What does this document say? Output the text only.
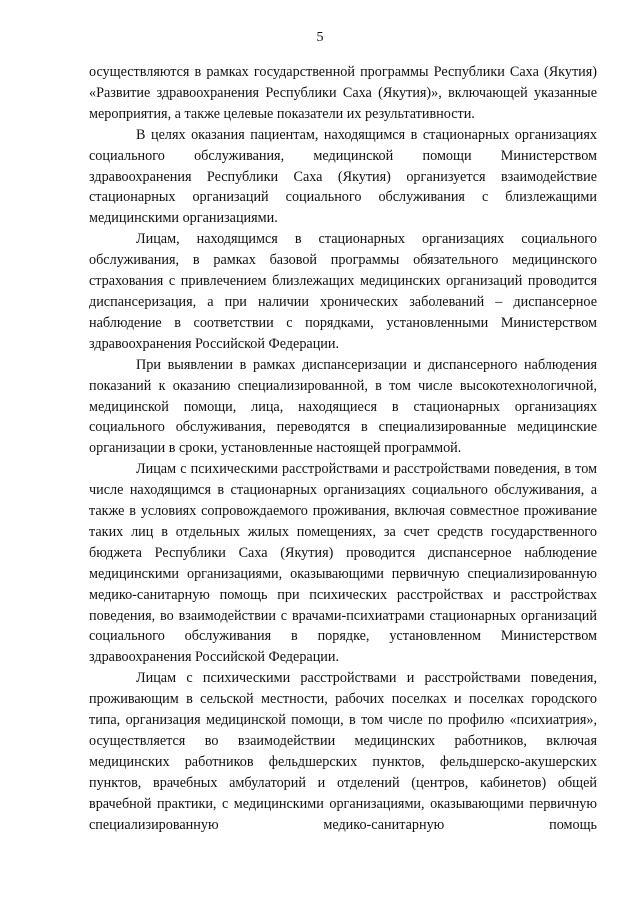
5

осуществляются в рамках государственной программы Республики Саха (Якутия) «Развитие здравоохранения Республики Саха (Якутия)», включающей указанные мероприятия, а также целевые показатели их результативности.

В целях оказания пациентам, находящимся в стационарных организациях социального обслуживания, медицинской помощи Министерством здравоохранения Республики Саха (Якутия) организуется взаимодействие стационарных организаций социального обслуживания с близлежащими медицинскими организациями.

Лицам, находящимся в стационарных организациях социального обслуживания, в рамках базовой программы обязательного медицинского страхования с привлечением близлежащих медицинских организаций проводится диспансеризация, а при наличии хронических заболеваний – диспансерное наблюдение в соответствии с порядками, установленными Министерством здравоохранения Российской Федерации.

При выявлении в рамках диспансеризации и диспансерного наблюдения показаний к оказанию специализированной, в том числе высокотехнологичной, медицинской помощи, лица, находящиеся в стационарных организациях социального обслуживания, переводятся в специализированные медицинские организации в сроки, установленные настоящей программой.

Лицам с психическими расстройствами и расстройствами поведения, в том числе находящимся в стационарных организациях социального обслуживания, а также в условиях сопровождаемого проживания, включая совместное проживание таких лиц в отдельных жилых помещениях, за счет средств государственного бюджета Республики Саха (Якутия) проводится диспансерное наблюдение медицинскими организациями, оказывающими первичную специализированную медико-санитарную помощь при психических расстройствах и расстройствах поведения, во взаимодействии с врачами-психиатрами стационарных организаций социального обслуживания в порядке, установленном Министерством здравоохранения Российской Федерации.

Лицам с психическими расстройствами и расстройствами поведения, проживающим в сельской местности, рабочих поселках и поселках городского типа, организация медицинской помощи, в том числе по профилю «психиатрия», осуществляется во взаимодействии медицинских работников, включая медицинских работников фельдшерских пунктов, фельдшерско-акушерских пунктов, врачебных амбулаторий и отделений (центров, кабинетов) общей врачебной практики, с медицинскими организациями, оказывающими первичную специализированную медико-санитарную помощь
